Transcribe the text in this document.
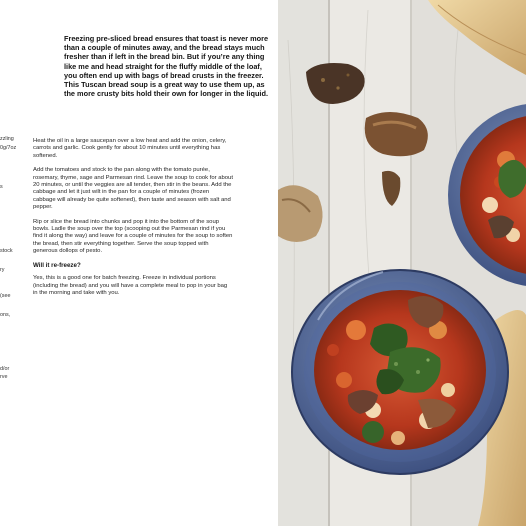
Freezing pre-sliced bread ensures that toast is never more than a couple of minutes away, and the bread stays much fresher than if left in the bread bin. But if you’re any thing like me and head straight for the fluffy middle of the loaf, you often end up with bags of bread crusts in the freezer. This Tuscan bread soup is a great way to use them up, as the more crusty bits hold their own for longer in the liquid.

zzling
0g/7oz
s
stock
ry
(see
ons,
d/or
rve

Heat the oil in a large saucepan over a low heat and add the onion, celery, carrots and garlic. Cook gently for about 10 minutes until everything has softened.

Add the tomatoes and stock to the pan along with the tomato purée, rosemary, thyme, sage and Parmesan rind. Leave the soup to cook for about 20 minutes, or until the veggies are all tender, then stir in the beans. Add the cabbage and let it just wilt in the pan for a couple of minutes (frozen cabbage will already be quite softened), then taste and season with salt and pepper.

Rip or slice the bread into chunks and pop it into the bottom of the soup bowls. Ladle the soup over the top (scooping out the Parmesan rind if you find it along the way) and leave for a couple of minutes for the soup to soften the bread, then stir everything together. Serve the soup topped with generous dollops of pesto.

Will it re-freeze?

Yes, this is a good one for batch freezing. Freeze in individual portions (including the bread) and you will have a complete meal to pop in your bag in the morning and take with you.
